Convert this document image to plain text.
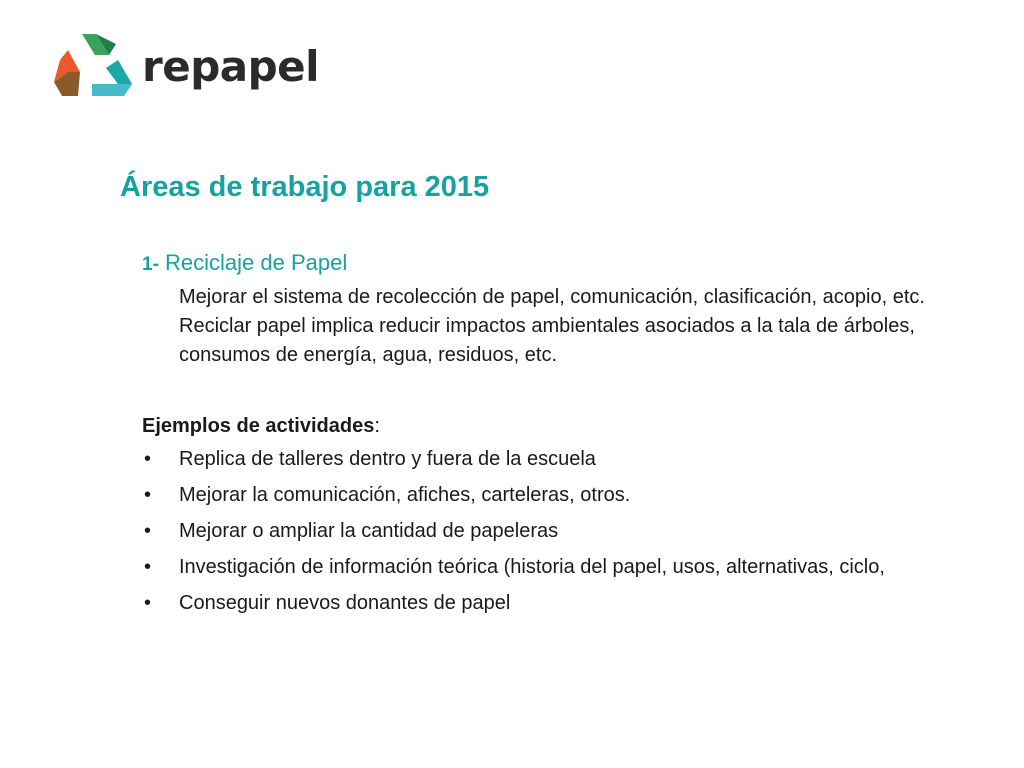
repapel
Áreas de trabajo para 2015

1- Reciclaje de Papel

Mejorar el sistema de recolección de papel, comunicación, clasificación, acopio, etc. Reciclar papel implica reducir impactos ambientales asociados a la tala de árboles, consumos de energía, agua, residuos, etc.

Ejemplos de actividades:

• Replica de talleres dentro y fuera de la escuela
• Mejorar la comunicación, afiches, carteleras, otros.
• Mejorar o ampliar la cantidad de papeleras
• Investigación de información teórica (historia del papel, usos, alternativas, ciclo,
• Conseguir nuevos donantes de papel
